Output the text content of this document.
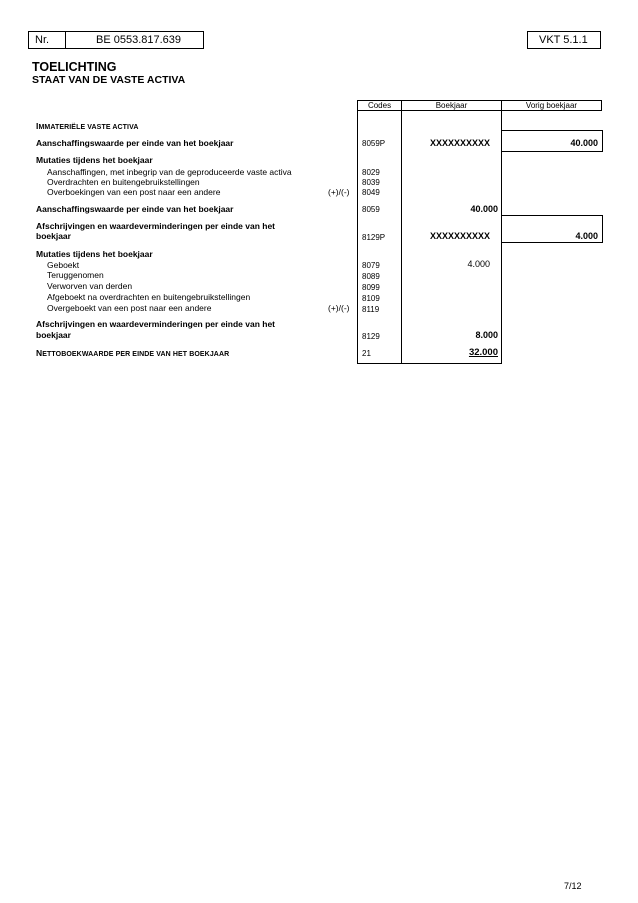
Nr.	BE 0553.817.639	VKT 5.1.1
TOELICHTING
STAAT VAN DE VASTE ACTIVA
Codes	Boekjaar	Vorig boekjaar
IMMATERIËLE VASTE ACTIVA
Aanschaffingswaarde per einde van het boekjaar	8059P	XXXXXXXXXX	40.000
Mutaties tijdens het boekjaar
Aanschaffingen, met inbegrip van de geproduceerde vaste activa	8029
Overdrachten en buitengebruikstellingen	8039
Overboekingen van een post naar een andere	(+)/(-) 8049
Aanschaffingswaarde per einde van het boekjaar	8059	40.000
Afschrijvingen en waardeverminderingen per einde van het
boekjaar	8129P	XXXXXXXXXX	4.000
Mutaties tijdens het boekjaar
Geboekt	8079	4.000
Teruggenomen	8089
Verworven van derden	8099
Afgeboekt na overdrachten en buitengebruikstellingen	8109
Overgeboekt van een post naar een andere	(+)/(-) 8119
Afschrijvingen en waardeverminderingen per einde van het
boekjaar	8129	8.000
NETTOBOEKWAARDE PER EINDE VAN HET BOEKJAAR	21	32.000
7/12
